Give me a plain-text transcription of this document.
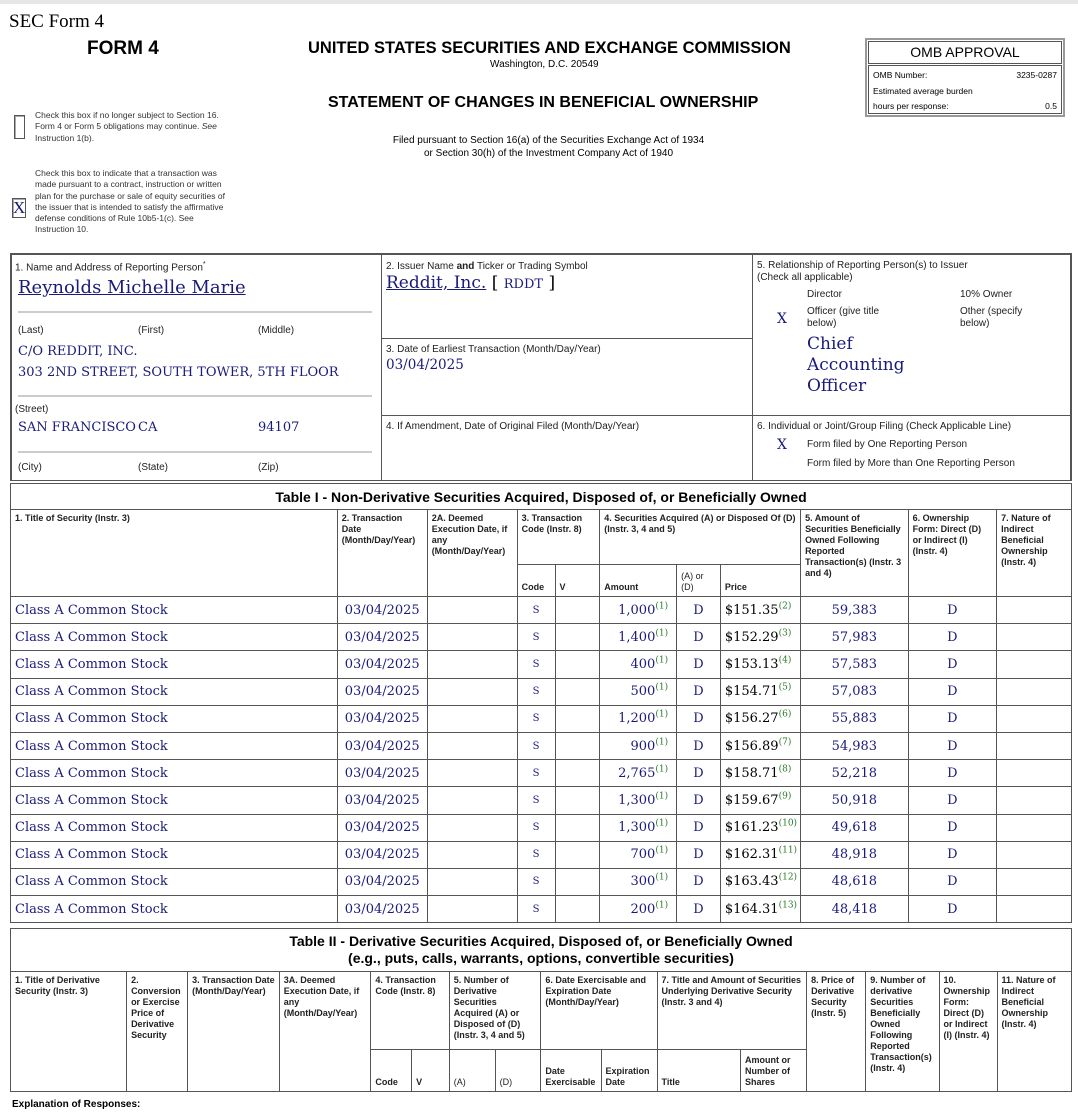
SEC Form 4
FORM 4	UNITED STATES SECURITIES AND EXCHANGE COMMISSION
Washington, D.C. 20549
STATEMENT OF CHANGES IN BENEFICIAL OWNERSHIP
Filed pursuant to Section 16(a) of the Securities Exchange Act of 1934
or Section 30(h) of the Investment Company Act of 1940
OMB APPROVAL
OMB Number:	3235-0287
Estimated average burden
hours per response:	0.5
Check this box if no longer subject to Section 16. Form 4 or Form 5 obligations may continue. See Instruction 1(b).
X
Check this box to indicate that a transaction was made pursuant to a contract, instruction or written plan for the purchase or sale of equity securities of the issuer that is intended to satisfy the affirmative defense conditions of Rule 10b5-1(c). See Instruction 10.
1. Name and Address of Reporting Person*
Reynolds Michelle Marie
(Last)	(First)	(Middle)
C/O REDDIT, INC.
303 2ND STREET, SOUTH TOWER, 5TH FLOOR
(Street)
SAN FRANCISCO CA	94107
(City)	(State)	(Zip)
2. Issuer Name and Ticker or Trading Symbol
Reddit, Inc. [ RDDT ]
3. Date of Earliest Transaction (Month/Day/Year)
03/04/2025
4. If Amendment, Date of Original Filed (Month/Day/Year)
5. Relationship of Reporting Person(s) to Issuer
(Check all applicable)
Director	10% Owner
X Officer (give title below)
Other (specify below)
Chief Accounting Officer
6. Individual or Joint/Group Filing (Check Applicable Line)
X Form filed by One Reporting Person
Form filed by More than One Reporting Person
Table I - Non-Derivative Securities Acquired, Disposed of, or Beneficially Owned										
1. Title of Security (Instr. 3)	2. Transaction Date (Month/Day/Year)	2A. Deemed Execution Date, if any (Month/Day/Year)	3. Transaction Code (Instr. 8)		4. Securities Acquired (A) or Disposed Of (D) (Instr. 3, 4 and 5)			5. Amount of Securities Beneficially Owned Following Reported Transaction(s) (Instr. 3 and 4)	6. Ownership Form: Direct (D) or Indirect (I) (Instr. 4)	7. Nature of Indirect Beneficial Ownership (Instr. 4)
			Code	V	Amount	(A) or (D)	Price			
Class A Common Stock	03/04/2025		S		1,000$^{(1)}$	D	$151.35$^{(2)}$	59,383	D	
Class A Common Stock	03/04/2025		S		1,400$^{(1)}$	D	$152.29$^{(3)}$	57,983	D	
Class A Common Stock	03/04/2025		S		400$^{(1)}$	D	$153.13$^{(4)}$	57,583	D	
Class A Common Stock	03/04/2025		S		500$^{(1)}$	D	$154.71$^{(5)}$	57,083	D	
Class A Common Stock	03/04/2025		S		1,200$^{(1)}$	D	$156.27$^{(6)}$	55,883	D	
Class A Common Stock	03/04/2025		S		900$^{(1)}$	D	$156.89$^{(7)}$	54,983	D	
Class A Common Stock	03/04/2025		S		2,765$^{(1)}$	D	$158.71$^{(8)}$	52,218	D	
Class A Common Stock	03/04/2025		S		1,300$^{(1)}$	D	$159.67$^{(9)}$	50,918	D	
Class A Common Stock	03/04/2025		S		1,300$^{(1)}$	D	$161.23$^{(10)}$	49,618	D	
Class A Common Stock	03/04/2025		S		700$^{(1)}$	D	$162.31$^{(11)}$	48,918	D	
Class A Common Stock	03/04/2025		S		300$^{(1)}$	D	$163.43$^{(12)}$	48,618	D	
Class A Common Stock	03/04/2025		S		200$^{(1)}$	D	$164.31$^{(13)}$	48,418	D	
Table II - Derivative Securities Acquired, Disposed of, or Beneficially Owned
(e.g., puts, calls, warrants, options, convertible securities)															

1. Title of Derivative Security (Instr. 3)	2. Conversion or Exercise Price of Derivative Security	3. Transaction Date (Month/Day/Year)	3A. Deemed Execution Date, if any (Month/Day/Year)	4. Transaction Code (Instr. 8)		5. Number of Derivative Securities Acquired (A) or Disposed of (D) (Instr. 3, 4 and 5)		6. Date Exercisable and Expiration Date (Month/Day/Year)		7. Title and Amount of Securities Underlying Derivative Security (Instr. 3 and 4)		8. Price of Derivative Security (Instr. 5)	9. Number of derivative Securities Beneficially Owned Following Reported Transaction(s) (Instr. 4)	10. Ownership Form: Direct (D) or Indirect (I) (Instr. 4)	11. Nature of Indirect Beneficial Ownership (Instr. 4)
				Code	V	(A)	(D)	Date Exercisable	Expiration Date	Title	Amount or Number of Shares				
Explanation of Responses:
